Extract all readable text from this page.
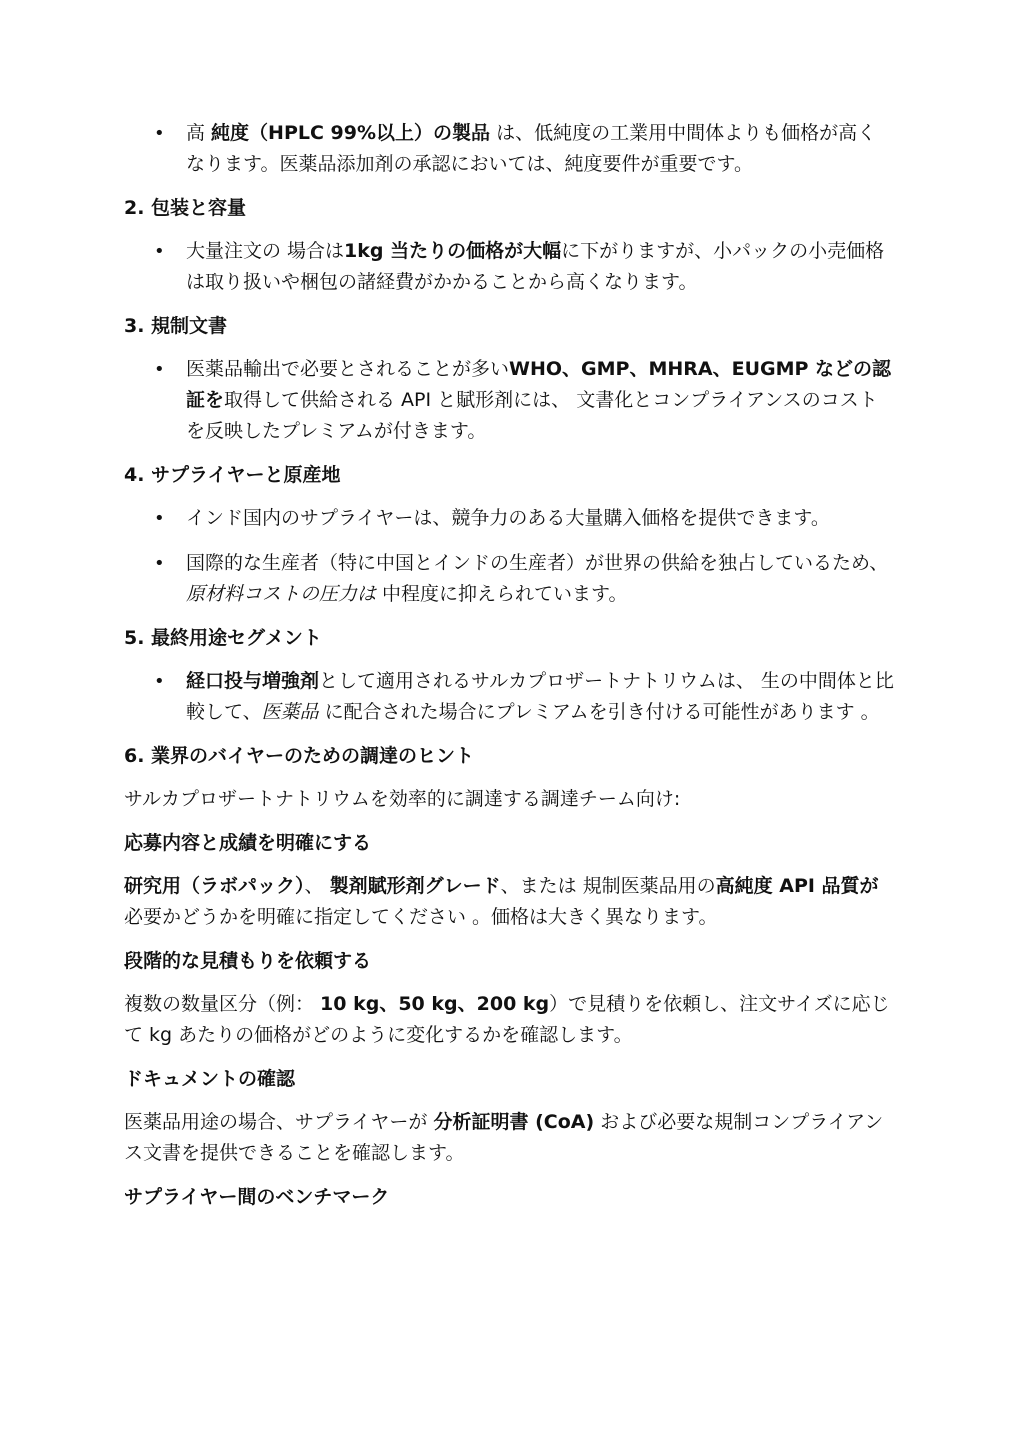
• 高 純度（HPLC 99%以上）の製品 は、低純度の工業用中間体よりも価格が高くなります。医薬品添加剤の承認においては、純度要件が重要です。
2. 包装と容量
• 大量注文の 場合は1kg 当たりの価格が大幅に下がりますが、小パックの小売価格は取り扱いや梱包の諸経費がかかることから高くなります。
3. 規制文書
• 医薬品輸出で必要とされることが多いWHO、GMP、MHRA、EUGMP などの認証を取得して供給される API と賦形剤には、 文書化とコンプライアンスのコストを反映したプレミアムが付きます。
4. サプライヤーと原産地
• インド国内のサプライヤーは、競争力のある大量購入価格を提供できます。
• 国際的な生産者（特に中国とインドの生産者）が世界の供給を独占しているため、 原材料コストの圧力は 中程度に抑えられています。
5. 最終用途セグメント
• 経口投与増強剤として適用されるサルカプロザートナトリウムは、 生の中間体と比較して、医薬品 に配合された場合にプレミアムを引き付ける可能性があります 。
6. 業界のバイヤーのための調達のヒント

サルカプロザートナトリウムを効率的に調達する調達チーム向け:

応募内容と成績を明確にする

研究用（ラボパック）、 製剤賦形剤グレード、または 規制医薬品用の高純度 API 品質が必要かどうかを明確に指定してください 。価格は大きく異なります。

段階的な見積もりを依頼する

複数の数量区分（例： 10 kg、50 kg、200 kg）で見積りを依頼し、注文サイズに応じて kg あたりの価格がどのように変化するかを確認します。

ドキュメントの確認

医薬品用途の場合、サプライヤーが 分析証明書 (CoA) および必要な規制コンプライアンス文書を提供できることを確認します。

サプライヤー間のベンチマーク
